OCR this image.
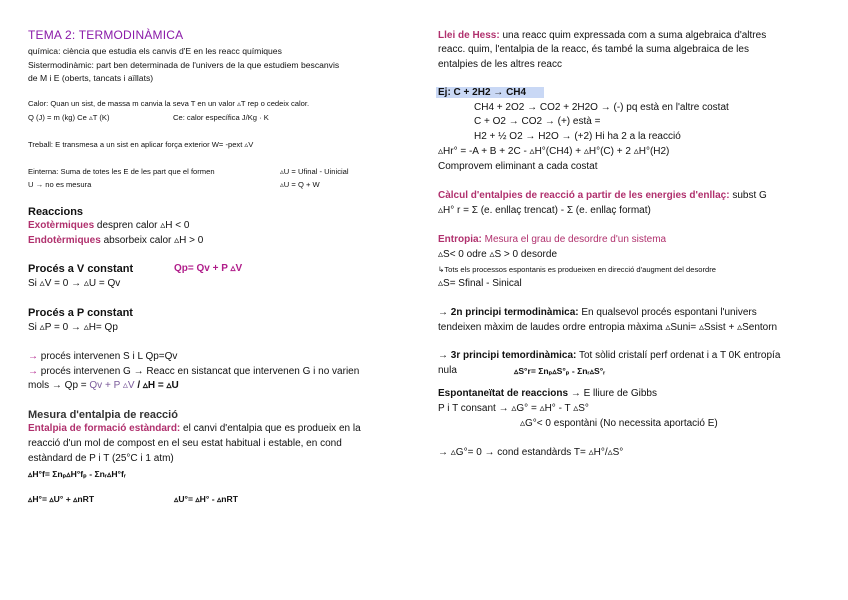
TEMA 2: TERMODINÀMICA
química: ciència que estudia els canvis d'E en les reacc químiques
Sistermodinàmic: part ben determinada de l'univers de la que estudiem bescanvis
de M i E (oberts, tancats i aïllats)
Calor: Quan un sist, de massa m canvia la seva T en un valor ▵T rep o cedeix calor.
Q (J) = m (kg) Ce ▵T (K)	Ce: calor específica J/Kg · K
Treball: E transmesa a un sist en aplicar força exterior W= -pext ▵V
Einterna: Suma de totes les E de les part que el formen	▵U = Ufinal - Uinicial
U → no es mesura	▵U = Q + W
Reaccions
Exotèrmiques despren calor ▵H < 0
Endotèrmiques absorbeix calor ▵H > 0
Procés a V constant	Qp= Qv + P ▵V
Si ▵V = 0 → ▵U = Qv
Procés a P constant
Si ▵P = 0 → ▵H= Qp
→ procés intervenen S i L Qp=Qv
→ procés intervenen G → Reacc en sistancat que intervenen G i no varien
mols → Qp = Qv + P ▵V / ▵H = ▵U
Mesura d'entalpia de reacció
Entalpia de formació estàndard: el canvi d'entalpia que es produeix en la
reacció d'un mol de compost en el seu estat habitual i estable, en cond
estàndard de P i T (25°C i 1 atm)
▵H°f= Σnₚ▵H°fₚ - Σnᵣ▵H°fᵣ
▵H°= ▵U° + ▵nRT	▵U°= ▵H° - ▵nRT
Llei de Hess: una reacc quim expressada com a suma algebraica d'altres
reacc. quim, l'entalpia de la reacc, és també la suma algebraica de les
entalpies de les altres reacc
Ej: C + 2H2 → CH4
CH4 + 2O2 → CO2 + 2H2O → (-) pq està en l'altre costat
C + O2 → CO2 → (+) està =
H2 + ½ O2 → H2O → (+2) Hi ha 2 a la reacció
▵Hr° = -A + B + 2C - ▵H°(CH4) + ▵H°(C) + 2 ▵H°(H2)
Comprovem eliminant a cada costat
Càlcul d'entalpies de reacció a partir de les energies d'enllaç: subst G
▵H° r = Σ (e. enllaç trencat) - Σ (e. enllaç format)
Entropia: Mesura el grau de desordre d'un sistema
▵S< 0 odre ▵S > 0 desorde
↳Tots els processos espontanis es produeixen en direcció d'augment del desordre
▵S= Sfinal - Sinical
→ 2n principi termodinàmica: En qualsevol procés espontani l'univers
tendeixen màxim de laudes ordre entropia màxima ▵Suni= ▵Ssist + ▵Sentorn
→ 3r principi temordinàmica: Tot sòlid cristalí perf ordenat i a T 0K entropía
nula	▵S°r= Σnₚ▵S°ₚ - Σnᵣ▵S°ᵣ
Espontaneïtat de reaccions → E lliure de Gibbs
P i T consant → ▵G° = ▵H° - T ▵S°
▵G°< 0 espontàni (No necessita aportació E)
→ ▵G°= 0 → cond estandàrds T= ▵H°/▵S°
